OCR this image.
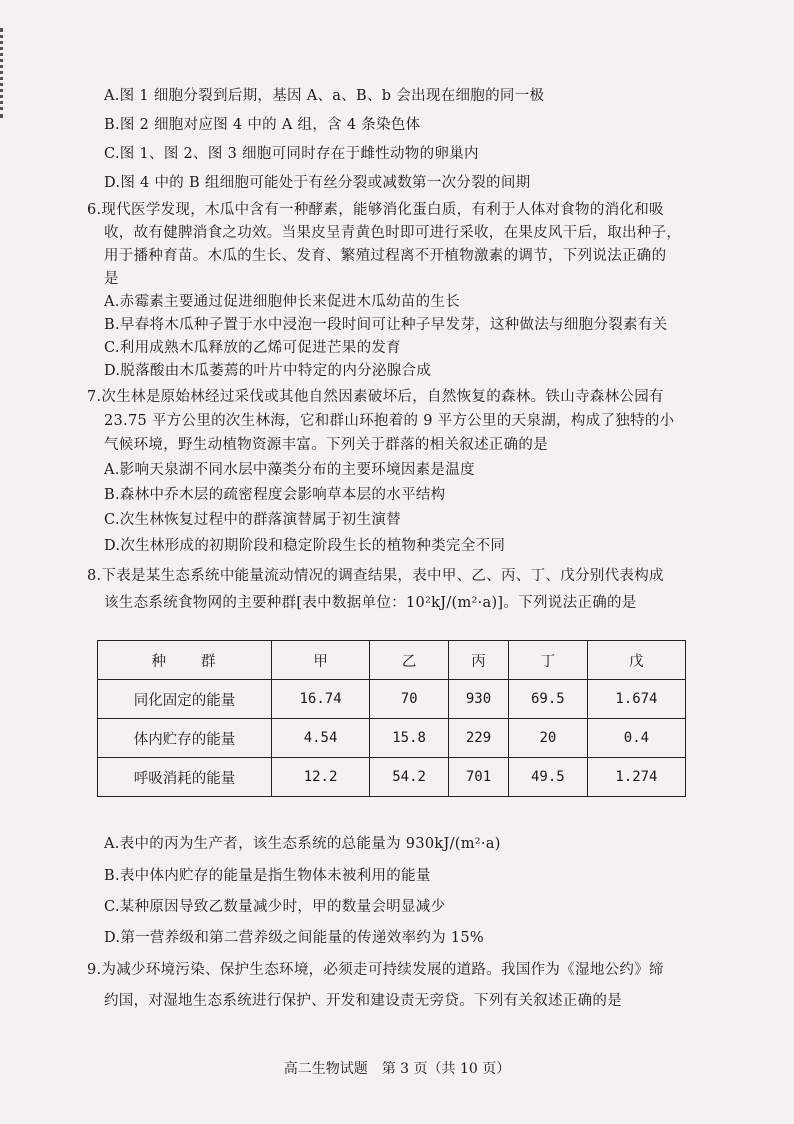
A.图 1 细胞分裂到后期，基因 A、a、B、b 会出现在细胞的同一极
B.图 2 细胞对应图 4 中的 A 组，含 4 条染色体
C.图 1、图 2、图 3 细胞可同时存在于雌性动物的卵巢内
D.图 4 中的 B 组细胞可能处于有丝分裂或减数第一次分裂的间期
6.现代医学发现，木瓜中含有一种酵素，能够消化蛋白质，有利于人体对食物的消化和吸
收，故有健脾消食之功效。当果皮呈青黄色时即可进行采收，在果皮风干后，取出种子，
用于播种育苗。木瓜的生长、发育、繁殖过程离不开植物激素的调节，下列说法正确的
是
A.赤霉素主要通过促进细胞伸长来促进木瓜幼苗的生长
B.早春将木瓜种子置于水中浸泡一段时间可让种子早发芽，这种做法与细胞分裂素有关
C.利用成熟木瓜释放的乙烯可促进芒果的发育
D.脱落酸由木瓜萎蔫的叶片中特定的内分泌腺合成
7.次生林是原始林经过采伐或其他自然因素破坏后，自然恢复的森林。铁山寺森林公园有
23.75 平方公里的次生林海，它和群山环抱着的 9 平方公里的天泉湖，构成了独特的小
气候环境，野生动植物资源丰富。下列关于群落的相关叙述正确的是
A.影响天泉湖不同水层中藻类分布的主要环境因素是温度
B.森林中乔木层的疏密程度会影响草本层的水平结构
C.次生林恢复过程中的群落演替属于初生演替
D.次生林形成的初期阶段和稳定阶段生长的植物种类完全不同
8.下表是某生态系统中能量流动情况的调查结果，表中甲、乙、丙、丁、戊分别代表构成
该生态系统食物网的主要种群[表中数据单位：10²kJ/(m²·a)]。下列说法正确的是
种　　群	甲	乙	丙	丁	戊
同化固定的能量	16.74	70	930	69.5	1.674
体内贮存的能量	4.54	15.8	229	20	0.4
呼吸消耗的能量	12.2	54.2	701	49.5	1.274
A.表中的丙为生产者，该生态系统的总能量为 930kJ/(m²·a)
B.表中体内贮存的能量是指生物体未被利用的能量
C.某种原因导致乙数量减少时，甲的数量会明显减少
D.第一营养级和第二营养级之间能量的传递效率约为 15%
9.为减少环境污染、保护生态环境，必须走可持续发展的道路。我国作为《湿地公约》缔
约国，对湿地生态系统进行保护、开发和建设责无旁贷。下列有关叙述正确的是
高二生物试题　第 3 页（共 10 页）
